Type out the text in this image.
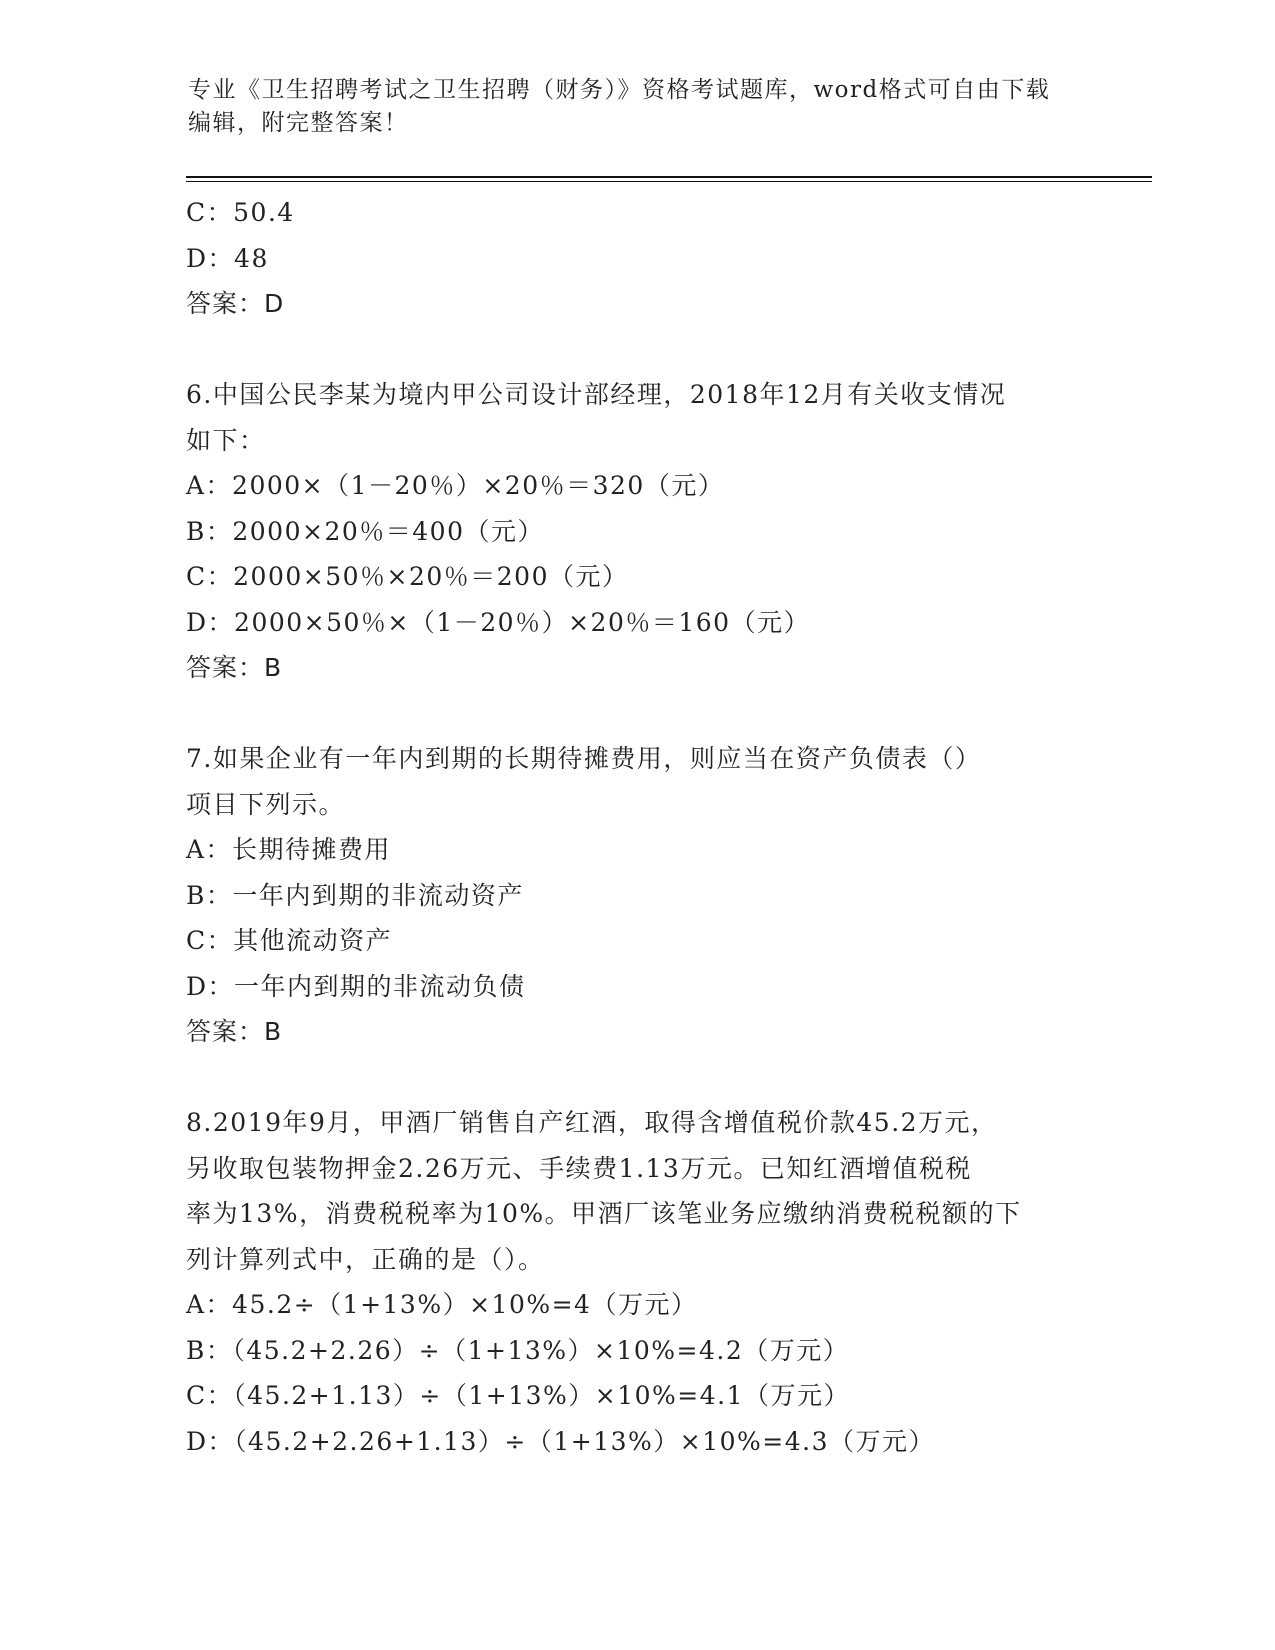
专业《卫生招聘考试之卫生招聘（财务）》资格考试题库，word格式可自由下载
编辑，附完整答案！
C：50.4
D：48
答案：D
6.中国公民李某为境内甲公司设计部经理，2018年12月有关收支情况
如下：
A：2000×（1－20％）×20％＝320（元）
B：2000×20％＝400（元）
C：2000×50％×20％＝200（元）
D：2000×50％×（1－20％）×20％＝160（元）
答案：B
7.如果企业有一年内到期的长期待摊费用，则应当在资产负债表（）
项目下列示。
A：长期待摊费用
B：一年内到期的非流动资产
C：其他流动资产
D：一年内到期的非流动负债
答案：B
8.2019年9月，甲酒厂销售自产红酒，取得含增值税价款45.2万元，
另收取包装物押金2.26万元、手续费1.13万元。已知红酒增值税税
率为13%，消费税税率为10%。甲酒厂该笔业务应缴纳消费税税额的下
列计算列式中，正确的是（）。
A：45.2÷（1+13%）×10%=4（万元）
B：（45.2+2.26）÷（1+13%）×10%=4.2（万元）
C：（45.2+1.13）÷（1+13%）×10%=4.1（万元）
D：（45.2+2.26+1.13）÷（1+13%）×10%=4.3（万元）
